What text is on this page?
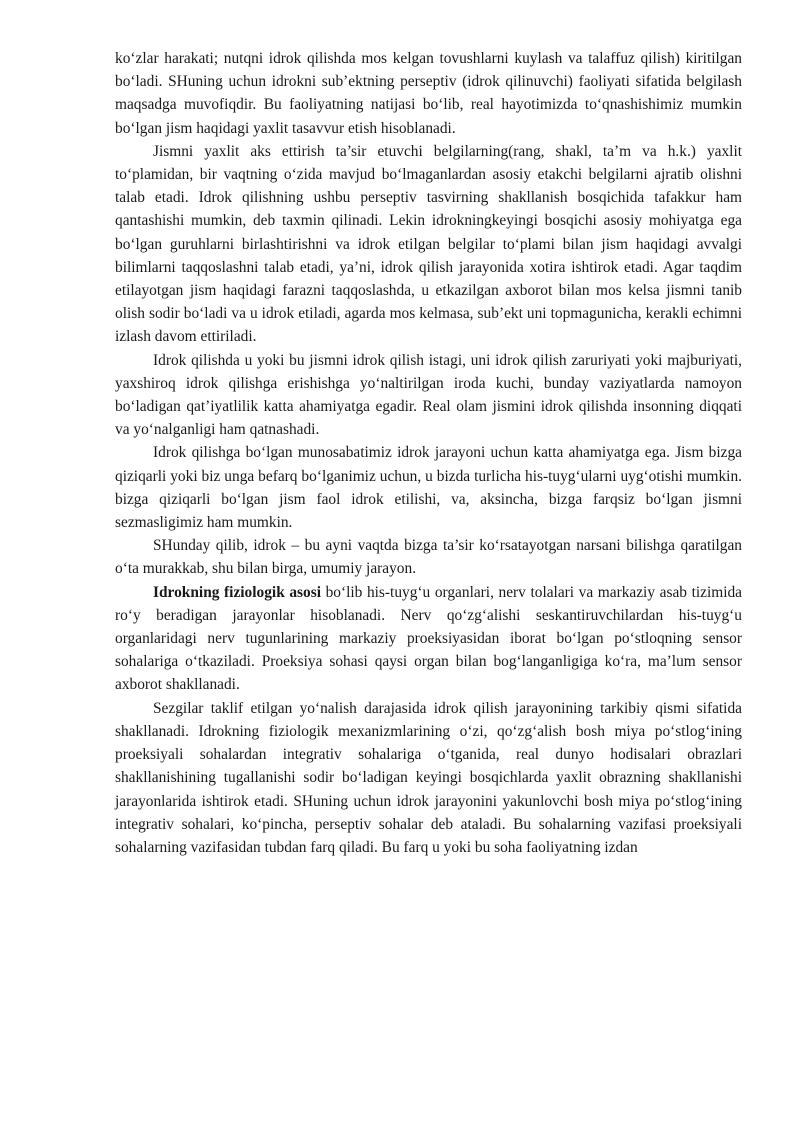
ko‘zlar harakati; nutqni idrok qilishda mos kelgan tovushlarni kuylash va talaffuz qilish) kiritilgan bo‘ladi. SHuning uchun idrokni sub’ektning perseptiv (idrok qilinuvchi) faoliyati sifatida belgilash maqsadga muvofiqdir. Bu faoliyatning natijasi bo‘lib, real hayotimizda to‘qnashishimiz mumkin bo‘lgan jism haqidagi yaxlit tasavvur etish hisoblanadi.

Jismni yaxlit aks ettirish ta’sir etuvchi belgilarning(rang, shakl, ta’m va h.k.) yaxlit to‘plamidan, bir vaqtning o‘zida mavjud bo‘lmaganlardan asosiy etakchi belgilarni ajratib olishni talab etadi. Idrok qilishning ushbu perseptiv tasvirning shakllanish bosqichida tafakkur ham qantashishi mumkin, deb taxmin qilinadi. Lekin idrokningkeyingi bosqichi asosiy mohiyatga ega bo‘lgan guruhlarni birlashtirishni va idrok etilgan belgilar to‘plami bilan jism haqidagi avvalgi bilimlarni taqqoslashni talab etadi, ya’ni, idrok qilish jarayonida xotira ishtirok etadi. Agar taqdim etilayotgan jism haqidagi farazni taqqoslashda, u etkazilgan axborot bilan mos kelsa jismni tanib olish sodir bo‘ladi va u idrok etiladi, agarda mos kelmasa, sub’ekt uni topmagunicha, kerakli echimni izlash davom ettiriladi.

Idrok qilishda u yoki bu jismni idrok qilish istagi, uni idrok qilish zaruriyati yoki majburiyati, yaxshiroq idrok qilishga erishishga yo‘naltirilgan iroda kuchi, bunday vaziyatlarda namoyon bo‘ladigan qat’iyatlilik katta ahamiyatga egadir. Real olam jismini idrok qilishda insonning diqqati va yo‘nalganligi ham qatnashadi.

Idrok qilishga bo‘lgan munosabatimiz idrok jarayoni uchun katta ahamiyatga ega. Jism bizga qiziqarli yoki biz unga befarq bo‘lganimiz uchun, u bizda turlicha his-tuyg‘ularni uyg‘otishi mumkin. bizga qiziqarli bo‘lgan jism faol idrok etilishi, va, aksincha, bizga farqsiz bo‘lgan jismni sezmasligimiz ham mumkin.

SHunday qilib, idrok – bu ayni vaqtda bizga ta’sir ko‘rsatayotgan narsani bilishga qaratilgan o‘ta murakkab, shu bilan birga, umumiy jarayon.

Idrokning fiziologik asosi bo‘lib his-tuyg‘u organlari, nerv tolalari va markaziy asab tizimida ro‘y beradigan jarayonlar hisoblanadi. Nerv qo‘zg‘alishi seskantiruvchilardan his-tuyg‘u organlaridagi nerv tugunlarining markaziy proeksiyasidan iborat bo‘lgan po‘stloqning sensor sohalariga o‘tkaziladi. Proeksiya sohasi qaysi organ bilan bog‘langanligiga ko‘ra, ma’lum sensor axborot shakllanadi.

Sezgilar taklif etilgan yo‘nalish darajasida idrok qilish jarayonining tarkibiy qismi sifatida shakllanadi. Idrokning fiziologik mexanizmlarining o‘zi, qo‘zg‘alish bosh miya po‘stlog‘ining proeksiyali sohalardan integrativ sohalariga o‘tganida, real dunyo hodisalari obrazlari shakllanishining tugallanishi sodir bo‘ladigan keyingi bosqichlarda yaxlit obrazning shakllanishi jarayonlarida ishtirok etadi. SHuning uchun idrok jarayonini yakunlovchi bosh miya po‘stlog‘ining integrativ sohalari, ko‘pincha, perseptiv sohalar deb ataladi. Bu sohalarning vazifasi proeksiyali sohalarning vazifasidan tubdan farq qiladi. Bu farq u yoki bu soha faoliyatning izdan
